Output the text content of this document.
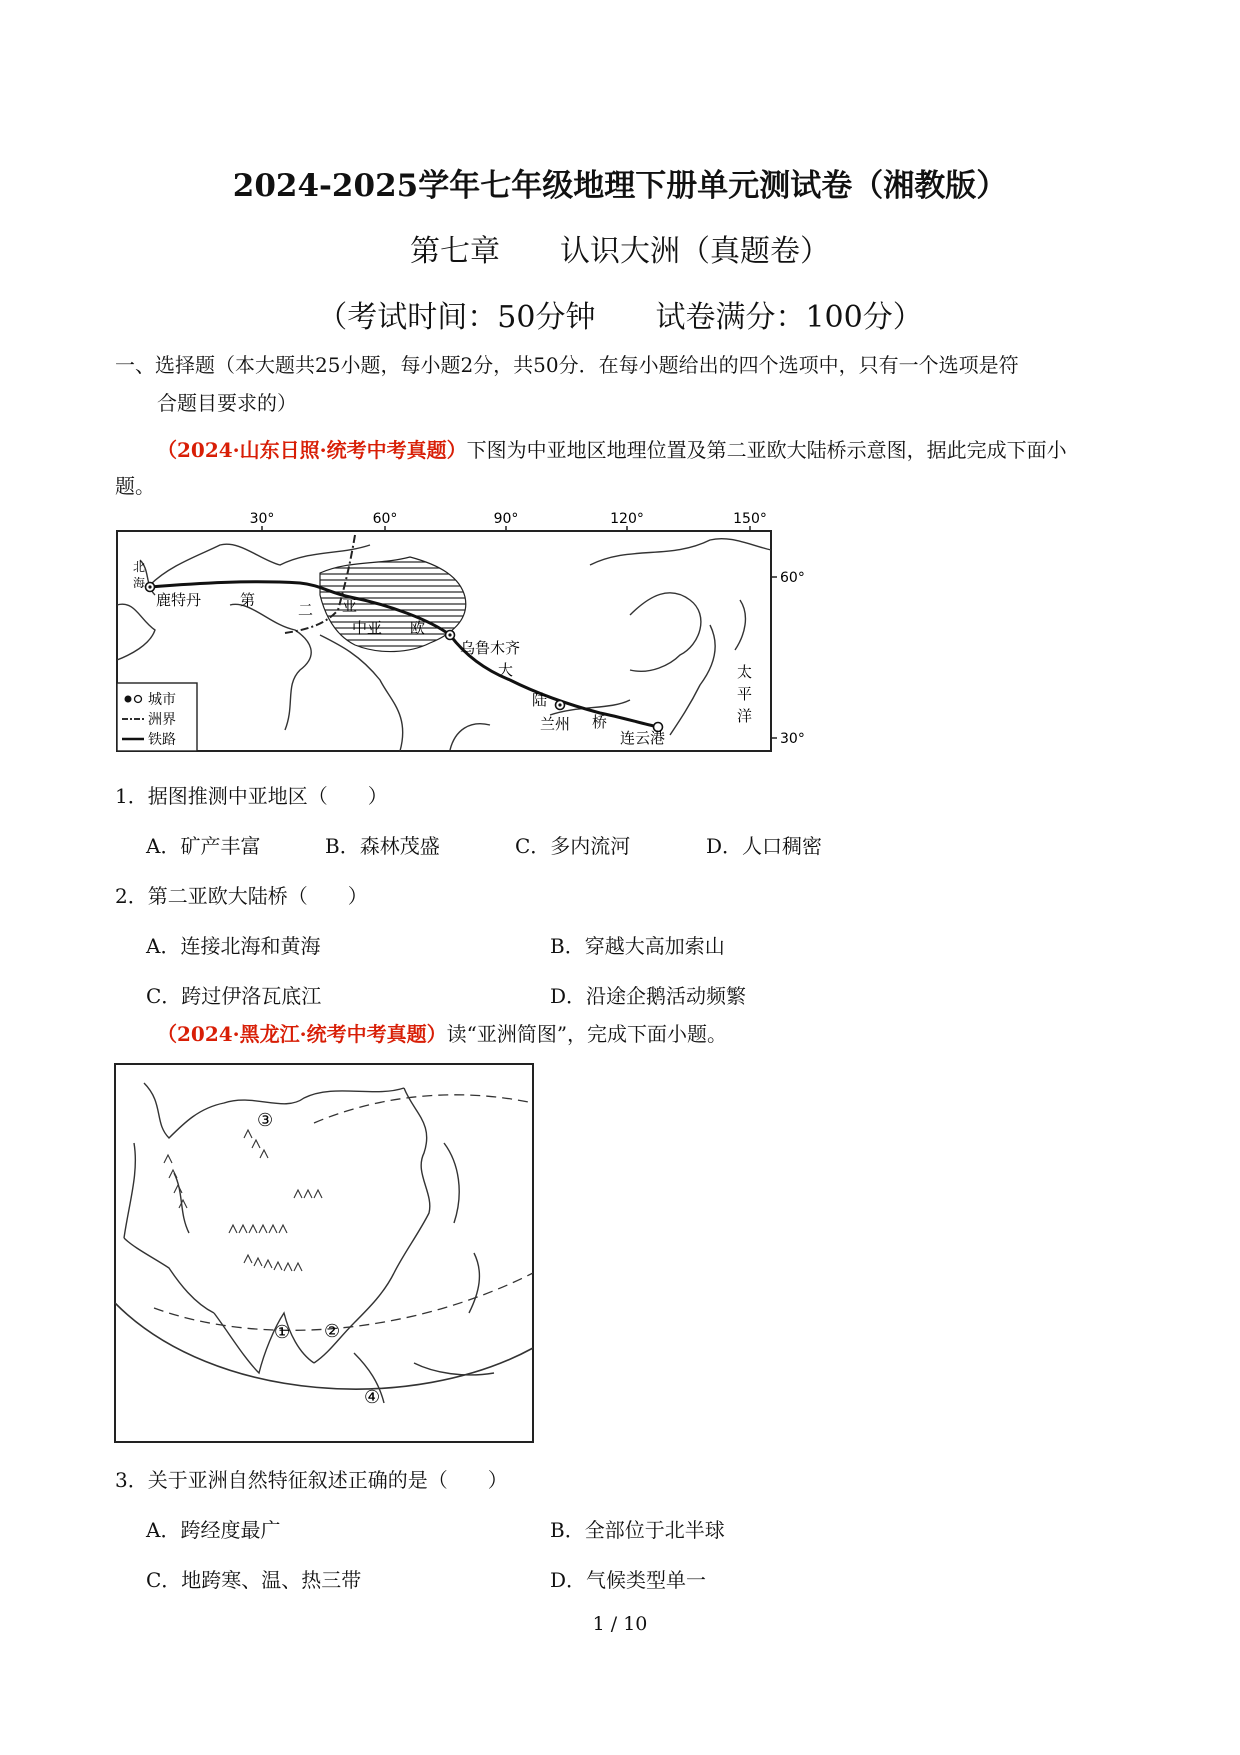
2024-2025学年七年级地理下册单元测试卷（湘教版）
第七章　　认识大洲（真题卷）
（考试时间：50分钟　　试卷满分：100分）
一、选择题（本大题共25小题，每小题2分，共50分．在每小题给出的四个选项中，只有一个选项是符
合题目要求的）
（2024·山东日照·统考中考真题）下图为中亚地区地理位置及第二亚欧大陆桥示意图，据此完成下面小
题。
30°	60°	90°	120°	150°
60°
30°
中亚
北
海
鹿特丹
乌鲁木齐
兰州
连云港
太
平
洋
第
二 亚
欧
大
陆
桥
城市
洲界
铁路
1．据图推测中亚地区（　　）
A．矿产丰富	B．森林茂盛	C．多内流河	D．人口稠密
2．第二亚欧大陆桥（　　）
A．连接北海和黄海	B．穿越大高加索山
C．跨过伊洛瓦底江	D．沿途企鹅活动频繁
（2024·黑龙江·统考中考真题）读“亚洲简图”，完成下面小题。
③
① ②
④
3．关于亚洲自然特征叙述正确的是（　　）
A．跨经度最广	B．全部位于北半球
C．地跨寒、温、热三带	D．气候类型单一
1 / 10
